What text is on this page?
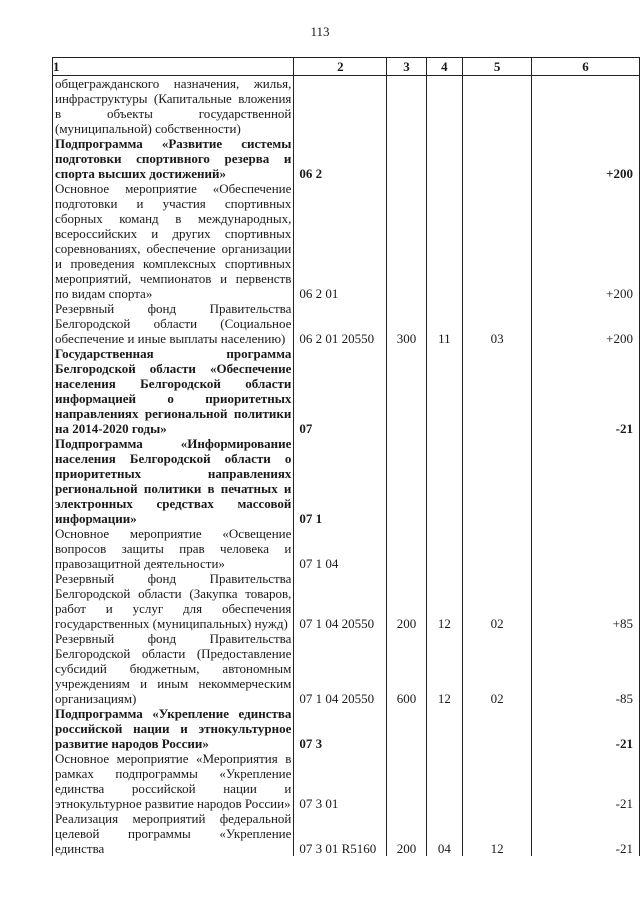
113
1	2	3	4	5	6

общегражданского назначения, жилья, инфраструктуры (Капитальные вложения в объекты государственной (муниципальной) собственности)					

Подпрограмма «Развитие системы подготовки спортивного резерва и спорта высших достижений»	06 2				+200

Основное мероприятие «Обеспечение подготовки и участия спортивных сборных команд в международных, всероссийских и других спортивных соревнованиях, обеспечение организации и проведения комплексных спортивных мероприятий, чемпионатов и первенств по видам спорта»	06 2 01				+200

Резервный фонд Правительства Белгородской области (Социальное обеспечение и иные выплаты населению)	06 2 01 20550	300	11	03	+200

Государственная программа Белгородской области «Обеспечение населения Белгородской области информацией о приоритетных направлениях региональной политики на 2014-2020 годы»	07				-21

Подпрограмма «Информирование населения Белгородской области о приоритетных направлениях региональной политики в печатных и электронных средствах массовой информации»	07 1				

Основное мероприятие «Освещение вопросов защиты прав человека и правозащитной деятельности»	07 1 04				

Резервный фонд Правительства Белгородской области (Закупка товаров, работ и услуг для обеспечения государственных (муниципальных) нужд)	07 1 04 20550	200	12	02	+85

Резервный фонд Правительства Белгородской области (Предоставление субсидий бюджетным, автономным учреждениям и иным некоммерческим организациям)	07 1 04 20550	600	12	02	-85

Подпрограмма «Укрепление единства российской нации и этнокультурное развитие народов России»	07 3				-21

Основное мероприятие «Мероприятия в рамках подпрограммы «Укрепление единства российской нации и этнокультурное развитие народов России»	07 3 01				-21

Реализация мероприятий федеральной целевой программы «Укрепление единства	07 3 01 R5160	200	04	12	-21
